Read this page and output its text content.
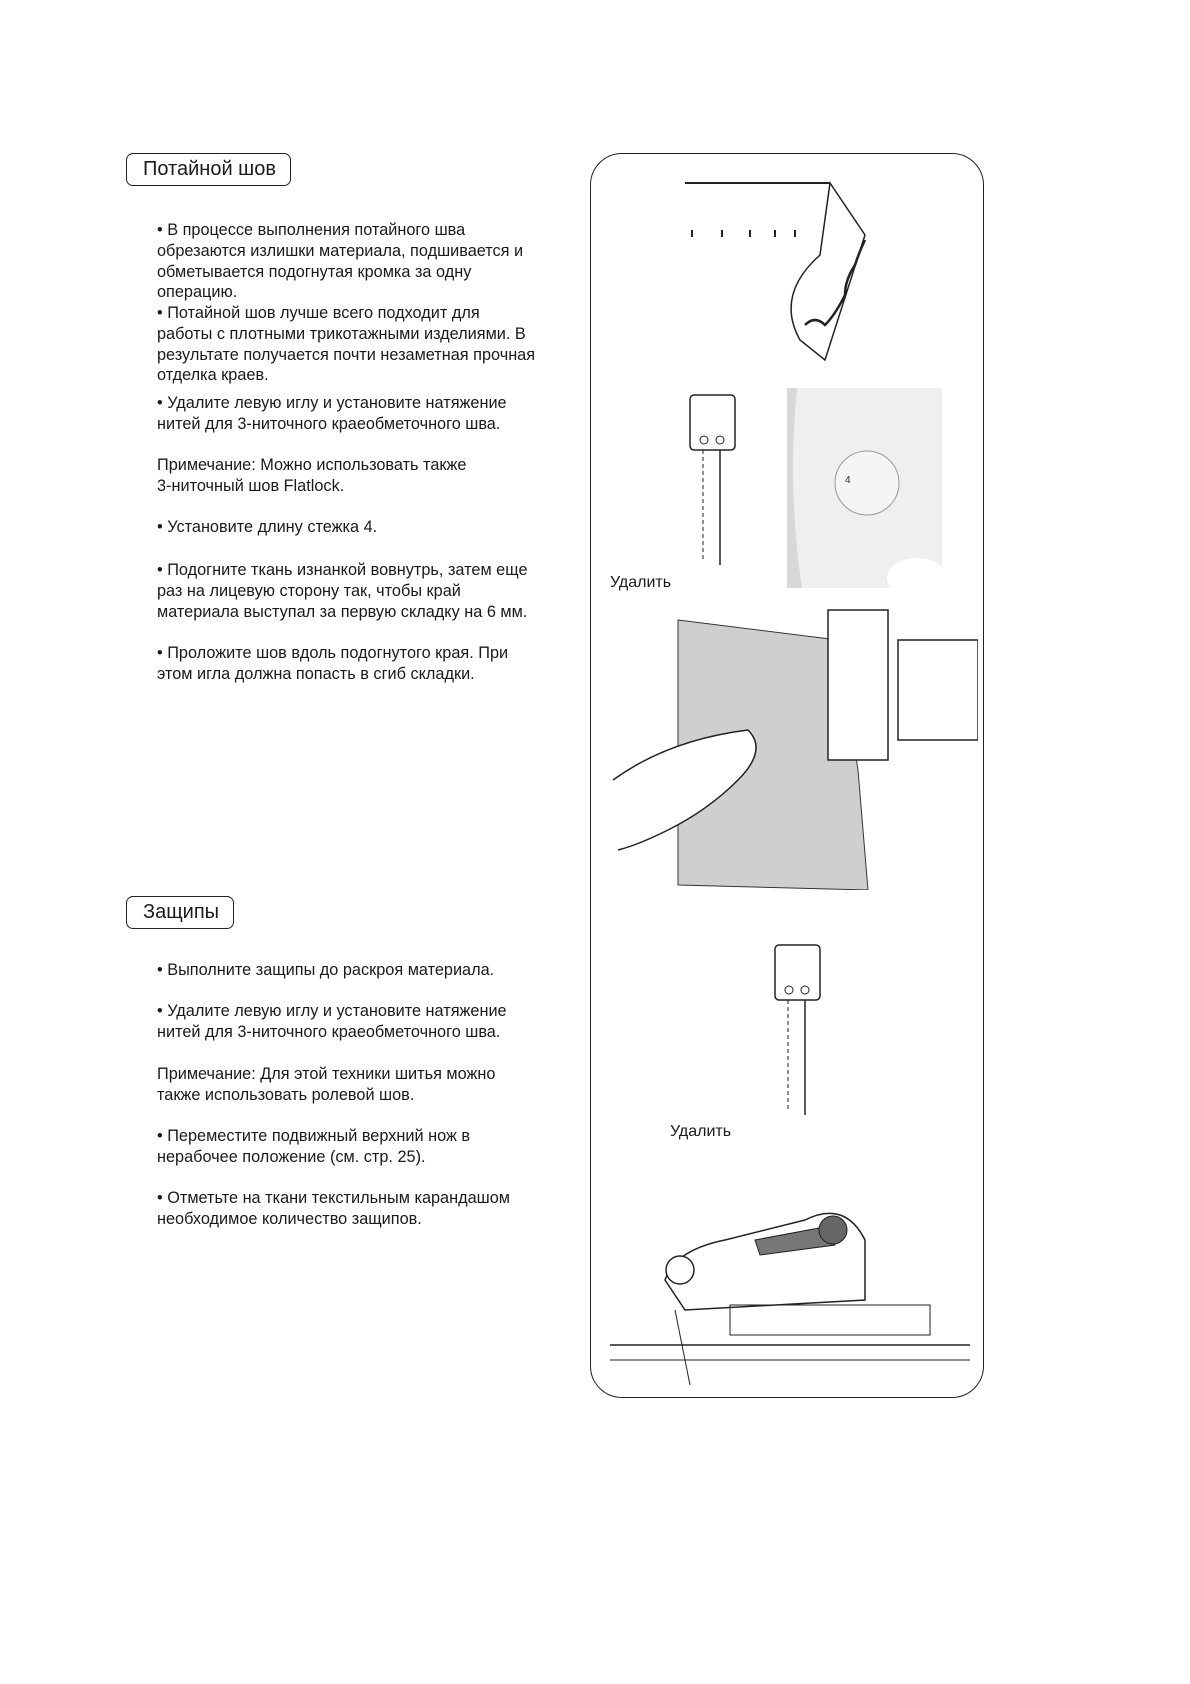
Потайной шов
• В процессе выполнения потайного шва
обрезаются излишки материала, подшивается и
обметывается подогнутая кромка за одну
операцию.
• Потайной шов лучше всего подходит для
работы с плотными трикотажными изделиями. В
результате получается почти незаметная прочная
отделка краев.
• Удалите левую иглу и установите натяжение
нитей для 3-ниточного краеобметочного шва.
Примечание: Можно использовать также
3-ниточный шов Flatlock.
• Установите длину стежка 4.
• Подогните ткань изнанкой вовнутрь, затем еще
раз на лицевую сторону так, чтобы край
материала выступал за первую складку на 6 мм.
• Проложите шов вдоль подогнутого края. При
этом игла должна попасть в сгиб складки.
Защипы
• Выполните защипы до раскроя материала.
• Удалите левую иглу и установите натяжение
нитей для 3-ниточного краеобметочного шва.
Примечание: Для этой техники шитья можно
также использовать ролевой шов.
• Переместите подвижный верхний нож в
нерабочее положение (см. стр. 25).
• Отметьте на ткани текстильным карандашом
необходимое количество защипов.
Удалить
4
Удалить
